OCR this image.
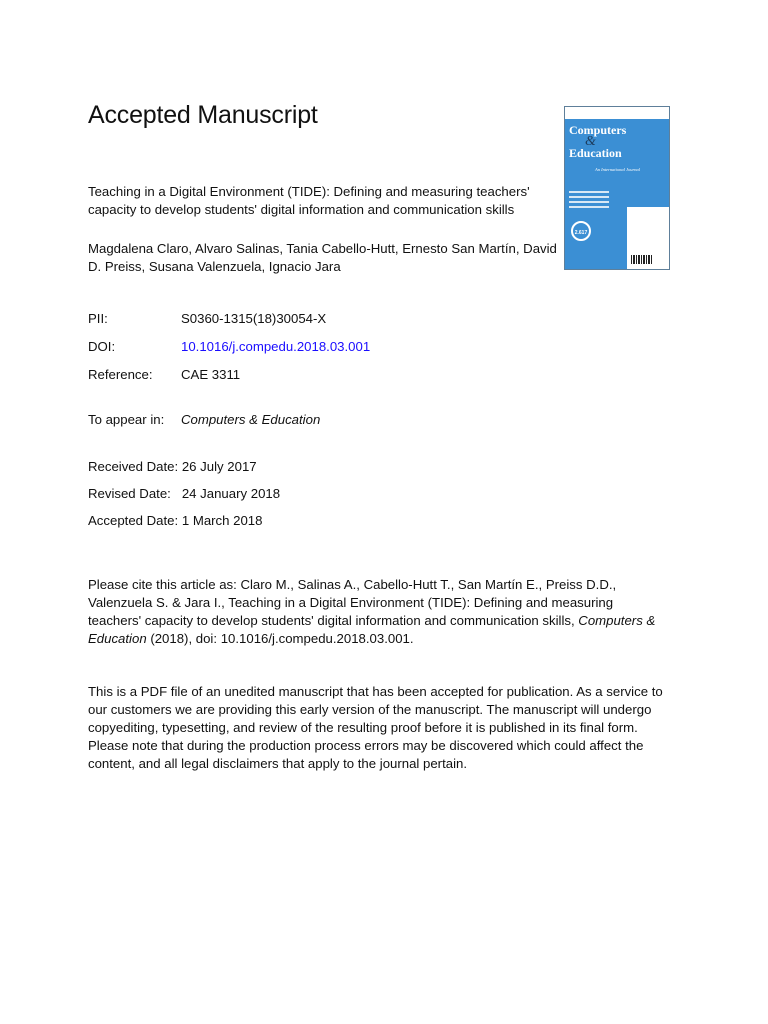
Accepted Manuscript

Teaching in a Digital Environment (TIDE): Defining and measuring teachers' capacity to develop students' digital information and communication skills

Magdalena Claro, Alvaro Salinas, Tania Cabello-Hutt, Ernesto San Martín, David D. Preiss, Susana Valenzuela, Ignacio Jara

Computers
&
Education
An International Journal
2.617
PII:	S0360-1315(18)30054-X
DOI:	10.1016/j.compedu.2018.03.001
Reference: CAE 3311
To appear in: Computers & Education
Received Date: 26 July 2017
Revised Date:   24 January 2018
Accepted Date: 1 March 2018

Please cite this article as: Claro M., Salinas A., Cabello-Hutt T., San Martín E., Preiss D.D., Valenzuela S. & Jara I., Teaching in a Digital Environment (TIDE): Defining and measuring teachers' capacity to develop students' digital information and communication skills, Computers & Education (2018), doi: 10.1016/j.compedu.2018.03.001.

This is a PDF file of an unedited manuscript that has been accepted for publication. As a service to our customers we are providing this early version of the manuscript. The manuscript will undergo copyediting, typesetting, and review of the resulting proof before it is published in its final form. Please note that during the production process errors may be discovered which could affect the content, and all legal disclaimers that apply to the journal pertain.
